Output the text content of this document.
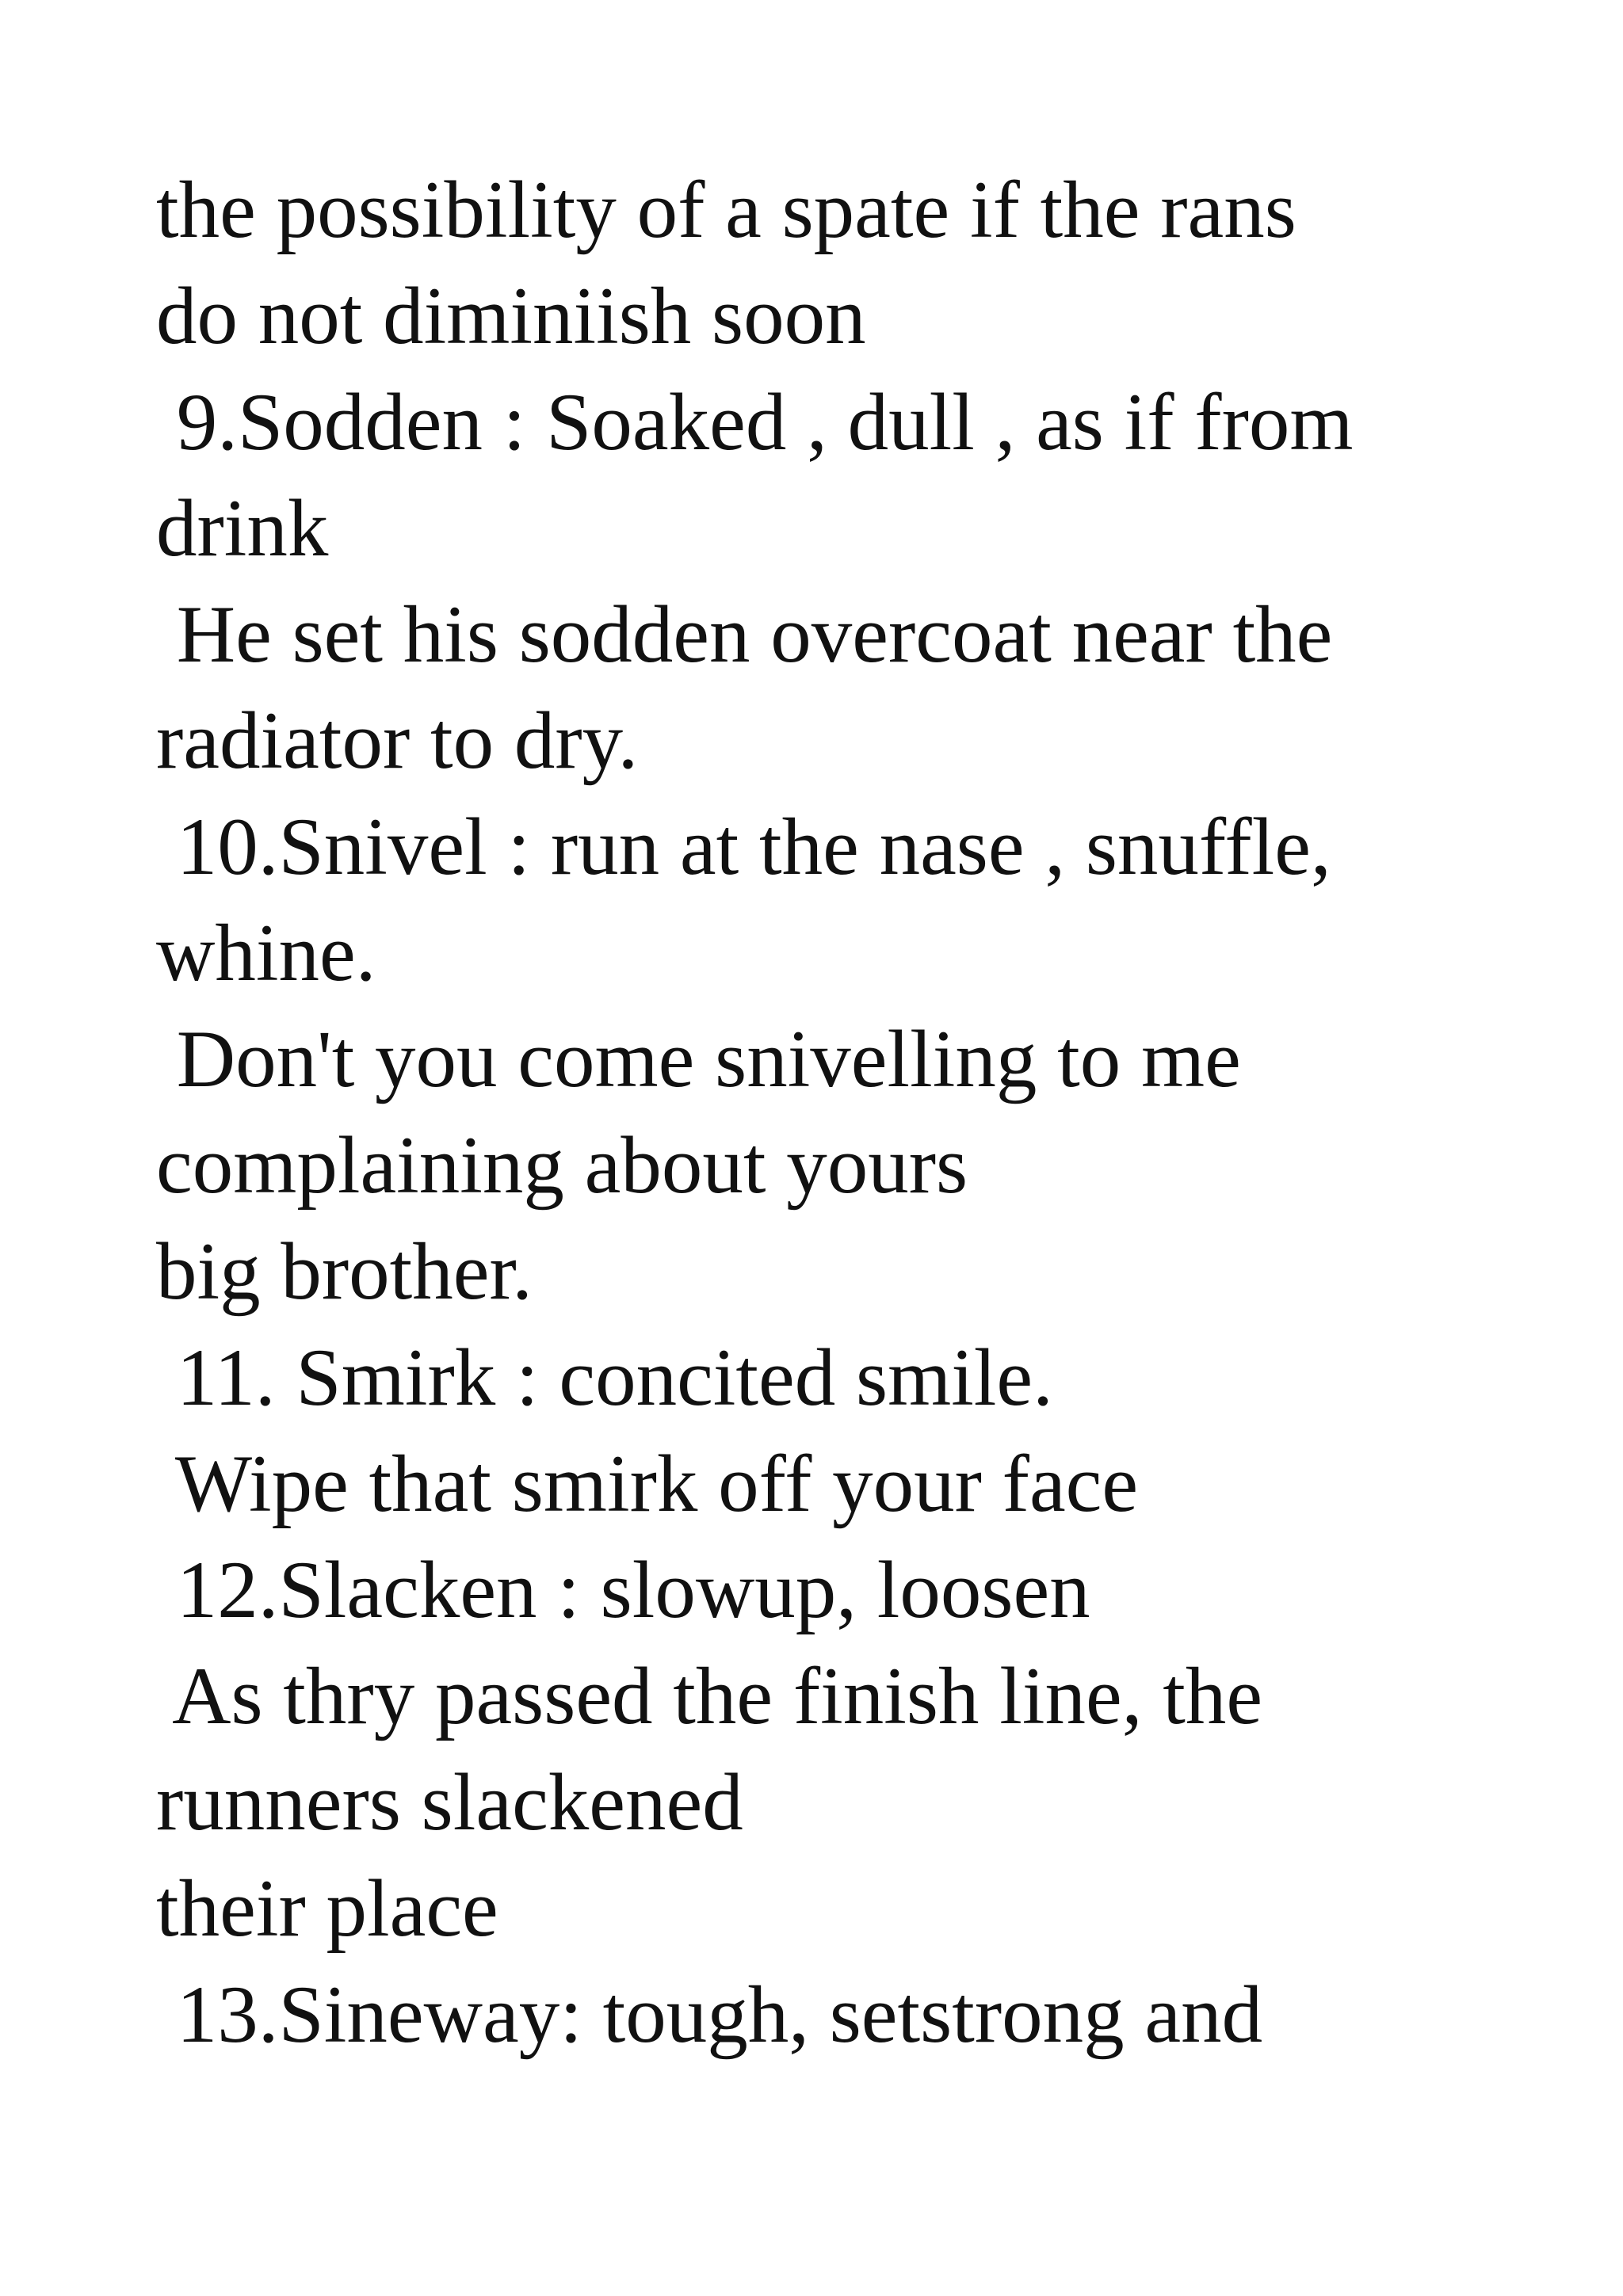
the possibility of a spate if the rans
do not diminiish soon
9.Sodden : Soaked , dull , as if from
drink
He set his sodden overcoat near the
radiator to dry.
10.Snivel : run at the nase , snuffle,
whine.
Don't you come snivelling to me
complaining about yours
big brother.
11. Smirk : concited smile.
Wipe that smirk off your face
12.Slacken : slowup, loosen
As thry passed the finish line, the
runners slackened
their place
13.Sineway: tough, setstrong and
